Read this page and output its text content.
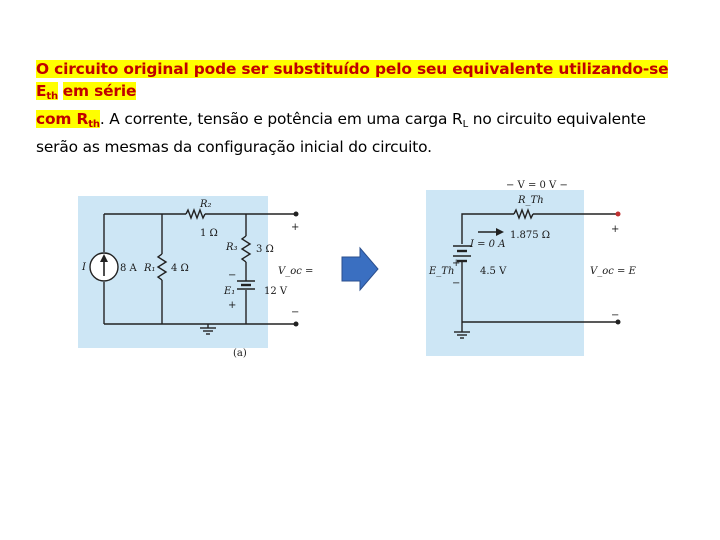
O circuito original pode ser substituído pelo seu equivalente utilizando-se $E_{th}$ em série
com $R_{th}$. A corrente, tensão e potência em uma carga RL no circuito equivalente serão as mesmas da configuração inicial do circuito.
I	8 A R₁ 4 Ω
R₂
1 Ω
R₃ 3 Ω
E₁	12 V
−
+
+
−
V_oc =
(a)
− V = 0 V −
R_Th
1.875 Ω
I = 0 A
E_Th	4.5 V
+
−
+
−
V_oc = E
